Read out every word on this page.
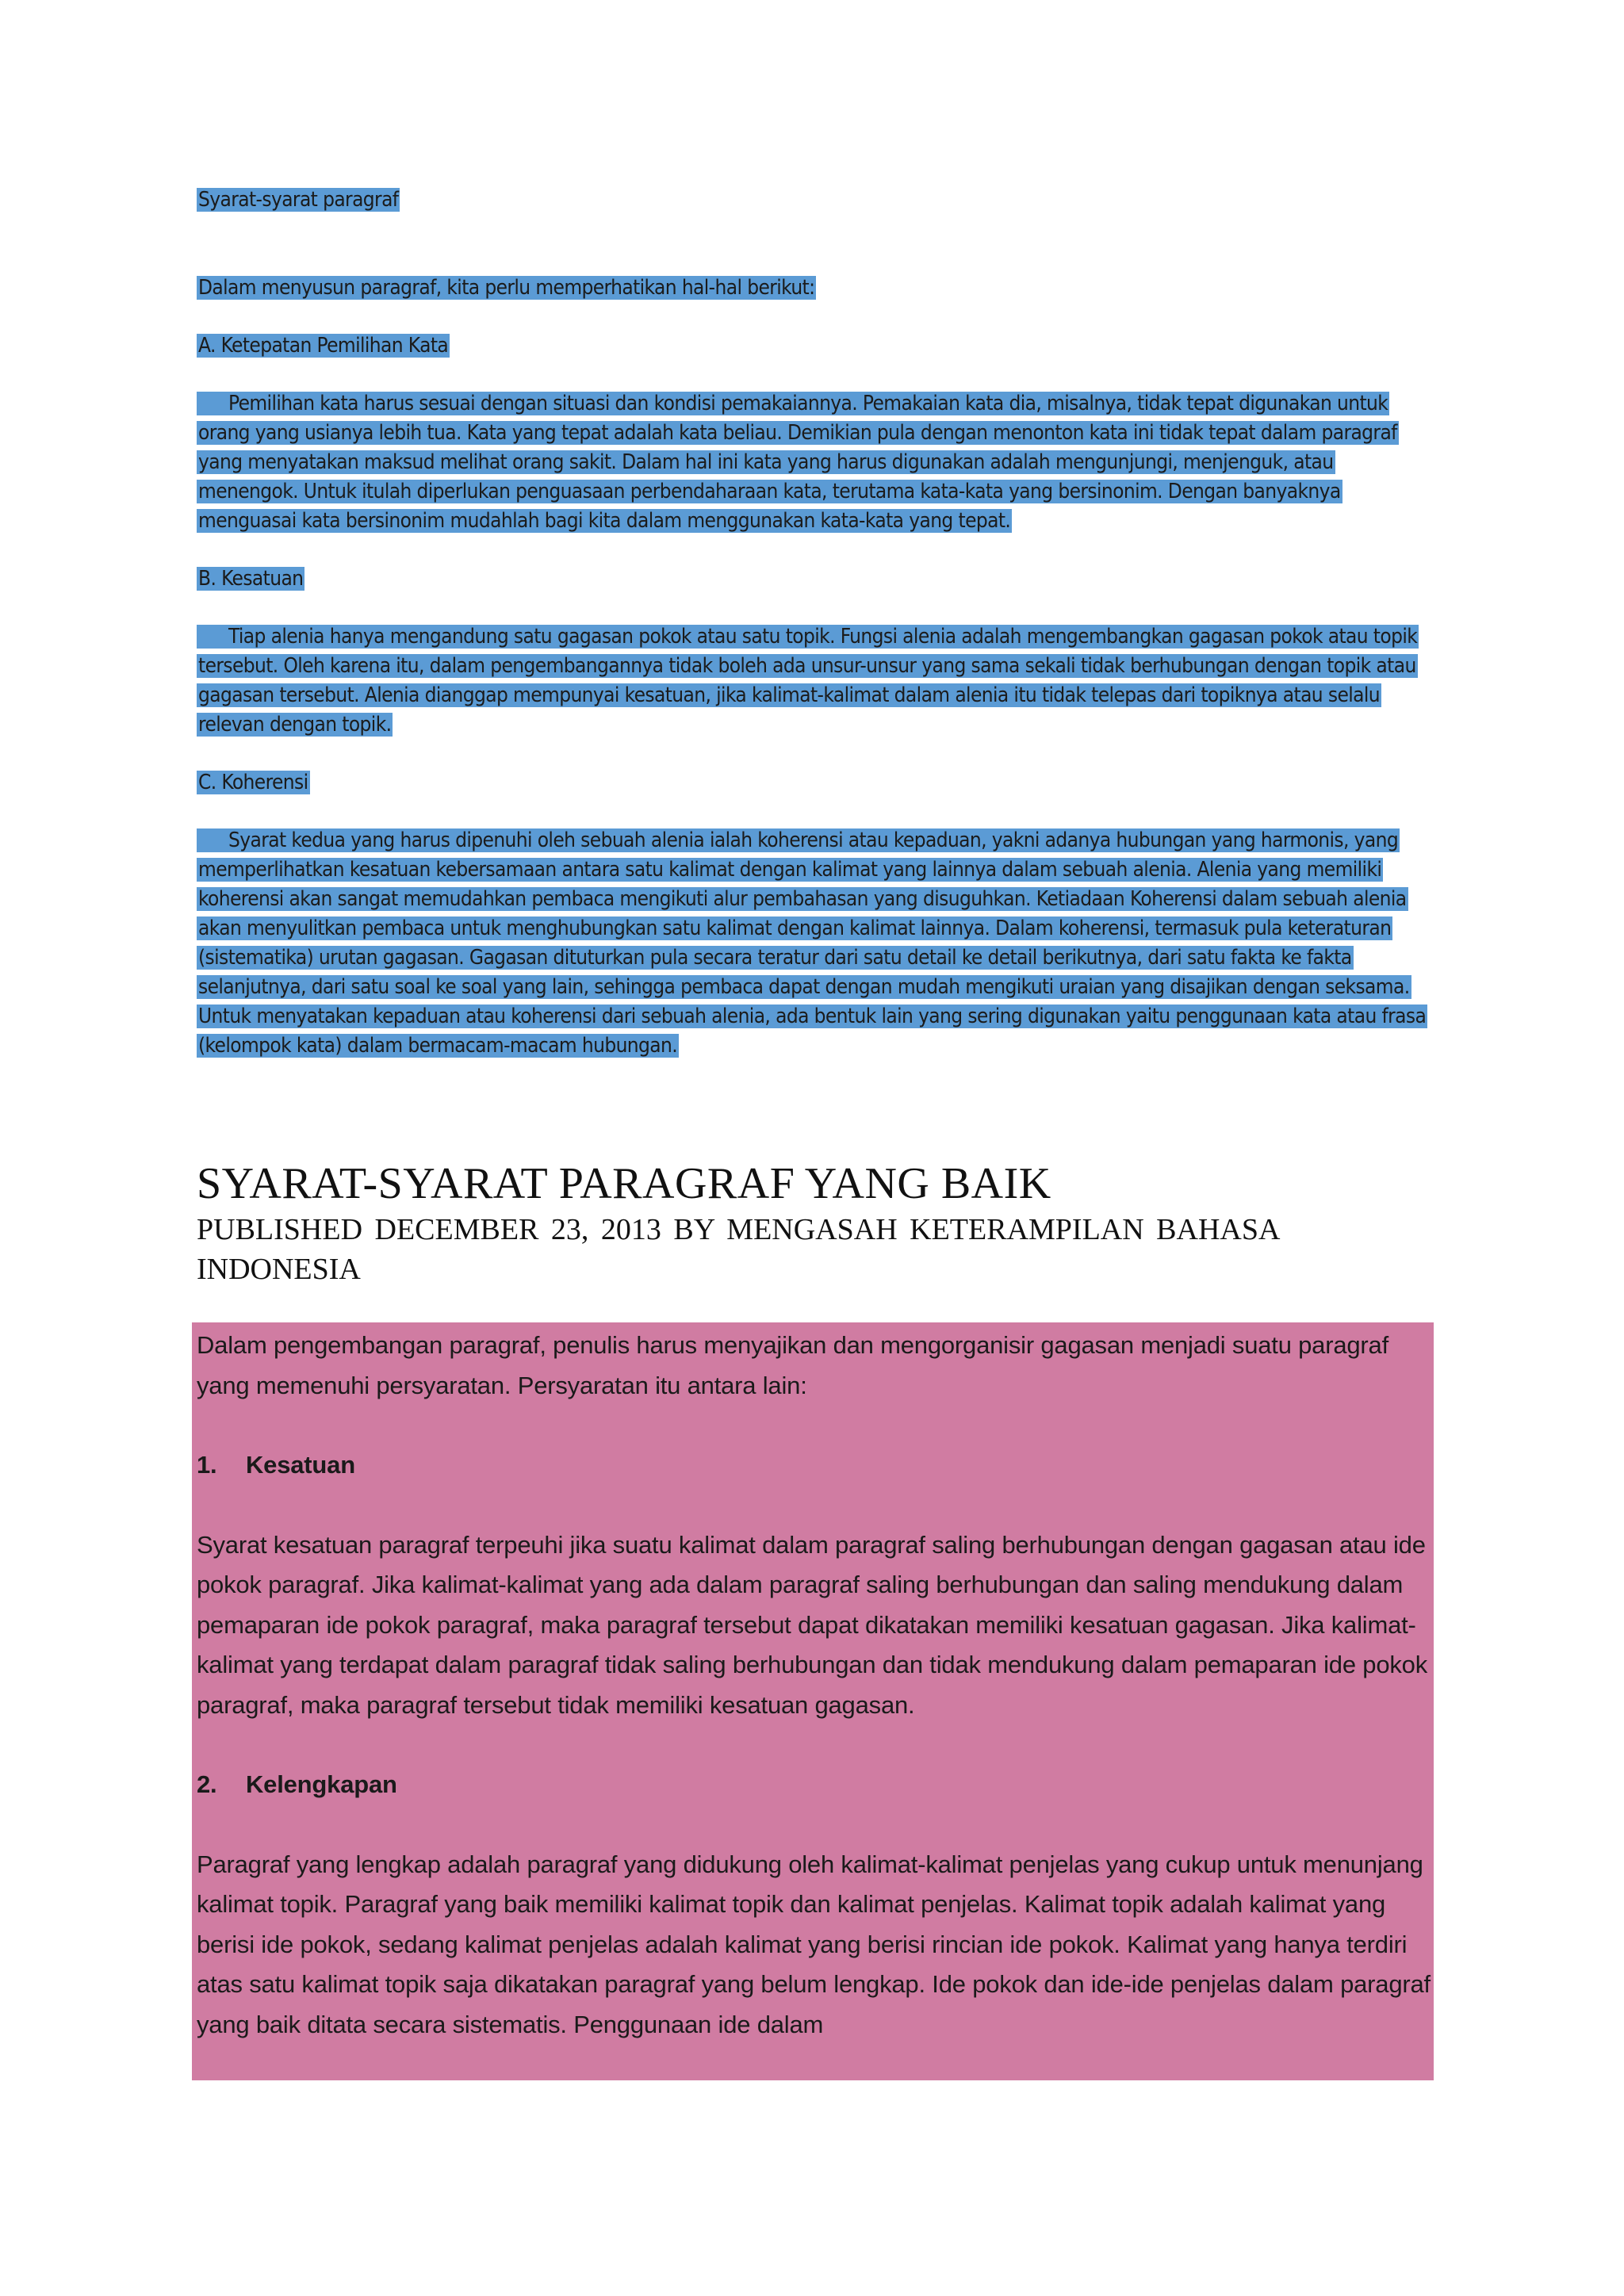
Syarat-syarat paragraf

Dalam menyusun paragraf, kita perlu memperhatikan hal-hal berikut:

A. Ketepatan Pemilihan Kata

Pemilihan kata harus sesuai dengan situasi dan kondisi pemakaiannya. Pemakaian kata dia, misalnya, tidak tepat digunakan untuk orang yang usianya lebih tua. Kata yang tepat adalah kata beliau. Demikian pula dengan menonton kata ini tidak tepat dalam paragraf yang menyatakan maksud melihat orang sakit. Dalam hal ini kata yang harus digunakan adalah mengunjungi, menjenguk, atau menengok. Untuk itulah diperlukan penguasaan perbendaharaan kata, terutama kata-kata yang bersinonim. Dengan banyaknya menguasai kata bersinonim mudahlah bagi kita dalam menggunakan kata-kata yang tepat.

B. Kesatuan

Tiap alenia hanya mengandung satu gagasan pokok atau satu topik. Fungsi alenia adalah mengembangkan gagasan pokok atau topik tersebut. Oleh karena itu, dalam pengembangannya tidak boleh ada unsur-unsur yang sama sekali tidak berhubungan dengan topik atau gagasan tersebut. Alenia dianggap mempunyai kesatuan, jika kalimat-kalimat dalam alenia itu tidak telepas dari topiknya atau selalu relevan dengan topik.

C. Koherensi

Syarat kedua yang harus dipenuhi oleh sebuah alenia ialah koherensi atau kepaduan, yakni adanya hubungan yang harmonis, yang memperlihatkan kesatuan kebersamaan antara satu kalimat dengan kalimat yang lainnya dalam sebuah alenia. Alenia yang memiliki koherensi akan sangat memudahkan pembaca mengikuti alur pembahasan yang disuguhkan. Ketiadaan Koherensi dalam sebuah alenia akan menyulitkan pembaca untuk menghubungkan satu kalimat dengan kalimat lainnya. Dalam koherensi, termasuk pula keteraturan (sistematika) urutan gagasan. Gagasan dituturkan pula secara teratur dari satu detail ke detail berikutnya, dari satu fakta ke fakta selanjutnya, dari satu soal ke soal yang lain, sehingga pembaca dapat dengan mudah mengikuti uraian yang disajikan dengan seksama. Untuk menyatakan kepaduan atau koherensi dari sebuah alenia, ada bentuk lain yang sering digunakan yaitu penggunaan kata atau frasa (kelompok kata) dalam bermacam-macam hubungan.

SYARAT-SYARAT PARAGRAF YANG BAIK
PUBLISHED DECEMBER 23, 2013 BY MENGASAH KETERAMPILAN BAHASA INDONESIA

Dalam pengembangan paragraf, penulis harus menyajikan dan mengorganisir gagasan menjadi suatu paragraf yang memenuhi persyaratan. Persyaratan itu antara lain:

1. Kesatuan

Syarat kesatuan paragraf terpeuhi jika suatu kalimat dalam paragraf saling berhubungan dengan gagasan atau ide pokok paragraf. Jika kalimat-kalimat yang ada dalam paragraf saling berhubungan dan saling mendukung dalam pemaparan ide pokok paragraf, maka paragraf tersebut dapat dikatakan memiliki kesatuan gagasan. Jika kalimat-kalimat yang terdapat dalam paragraf tidak saling berhubungan dan tidak mendukung dalam pemaparan ide pokok paragraf, maka paragraf tersebut tidak memiliki kesatuan gagasan.

2. Kelengkapan

Paragraf yang lengkap adalah paragraf yang didukung oleh kalimat-kalimat penjelas yang cukup untuk menunjang kalimat topik. Paragraf yang baik memiliki kalimat topik dan kalimat penjelas. Kalimat topik adalah kalimat yang berisi ide pokok, sedang kalimat penjelas adalah kalimat yang berisi rincian ide pokok. Kalimat yang hanya terdiri atas satu kalimat topik saja dikatakan paragraf yang belum lengkap. Ide pokok dan ide-ide penjelas dalam paragraf yang baik ditata secara sistematis. Penggunaan ide dalam
